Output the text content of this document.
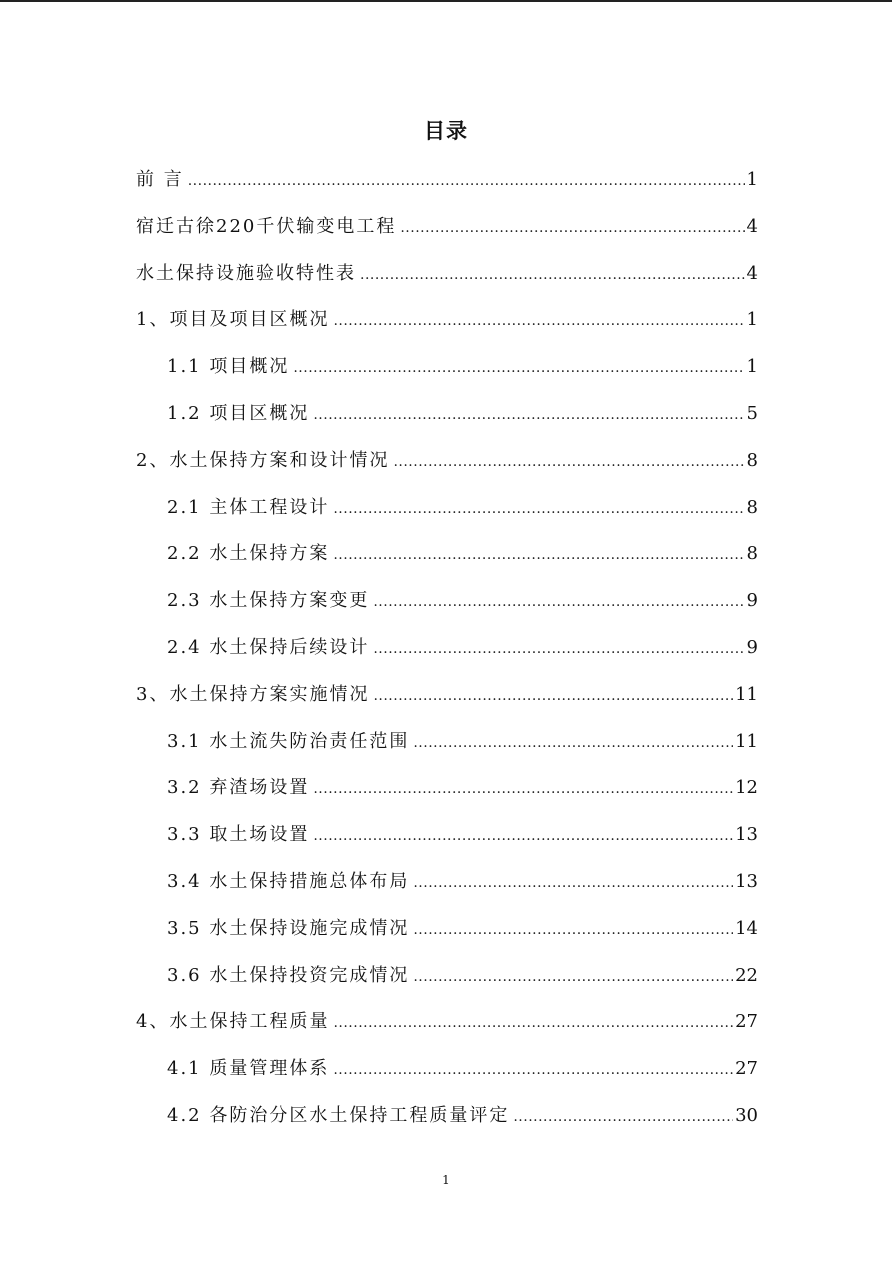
目录
前 言 .....	1
宿迁古徐220千伏输变电工程 .....	4
水土保持设施验收特性表 .....	4
1、项目及项目区概况 .....	1
1.1 项目概况 .....	1
1.2 项目区概况 .....	5
2、水土保持方案和设计情况 .....	8
2.1 主体工程设计 .....	8
2.2 水土保持方案 .....	8
2.3 水土保持方案变更 .....	9
2.4 水土保持后续设计 .....	9
3、水土保持方案实施情况 .....	11
3.1 水土流失防治责任范围 .....	11
3.2 弃渣场设置 .....	12
3.3 取土场设置 .....	13
3.4 水土保持措施总体布局 .....	13
3.5 水土保持设施完成情况 .....	14
3.6 水土保持投资完成情况 .....	22
4、水土保持工程质量 .....	27
4.1 质量管理体系 .....	27
4.2 各防治分区水土保持工程质量评定 .....	30
1
